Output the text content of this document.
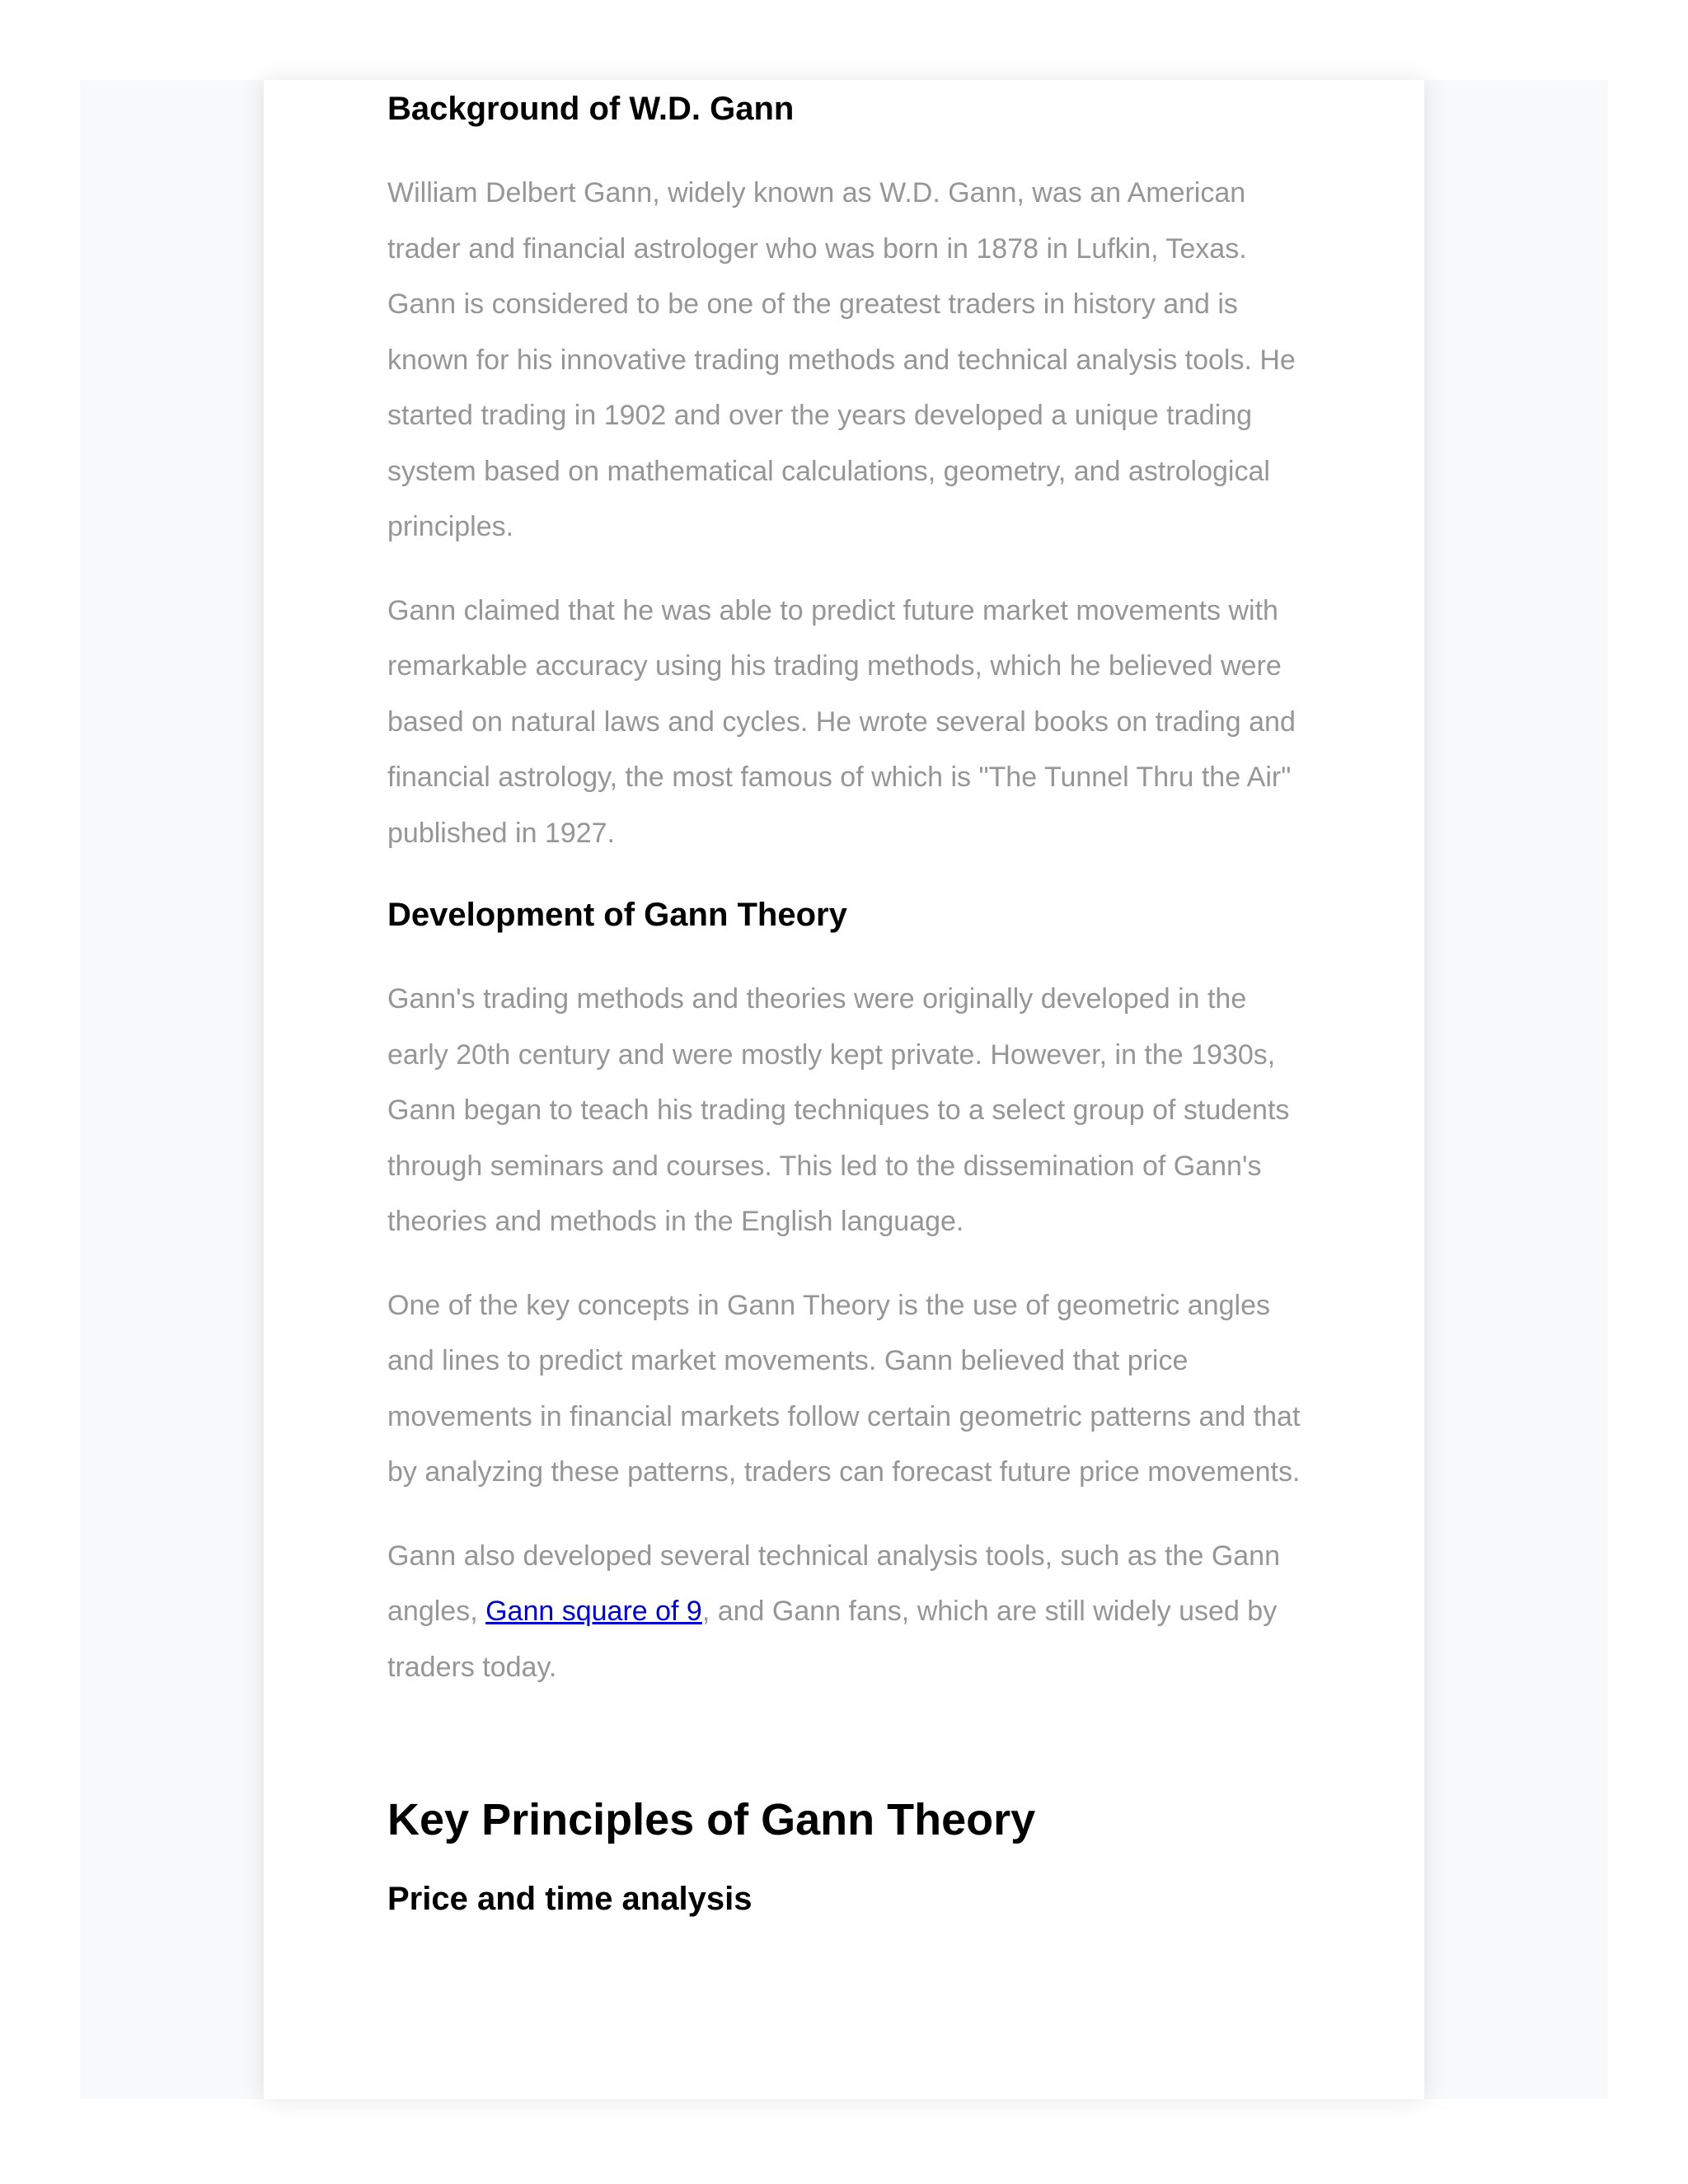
Background of W.D. Gann

William Delbert Gann, widely known as W.D. Gann, was an American trader and financial astrologer who was born in 1878 in Lufkin, Texas. Gann is considered to be one of the greatest traders in history and is known for his innovative trading methods and technical analysis tools. He started trading in 1902 and over the years developed a unique trading system based on mathematical calculations, geometry, and astrological principles.

Gann claimed that he was able to predict future market movements with remarkable accuracy using his trading methods, which he believed were based on natural laws and cycles. He wrote several books on trading and financial astrology, the most famous of which is "The Tunnel Thru the Air" published in 1927.

Development of Gann Theory

Gann's trading methods and theories were originally developed in the early 20th century and were mostly kept private. However, in the 1930s, Gann began to teach his trading techniques to a select group of students through seminars and courses. This led to the dissemination of Gann's theories and methods in the English language.

One of the key concepts in Gann Theory is the use of geometric angles and lines to predict market movements. Gann believed that price movements in financial markets follow certain geometric patterns and that by analyzing these patterns, traders can forecast future price movements.

Gann also developed several technical analysis tools, such as the Gann angles, Gann square of 9, and Gann fans, which are still widely used by traders today.

Key Principles of Gann Theory
Price and time analysis
